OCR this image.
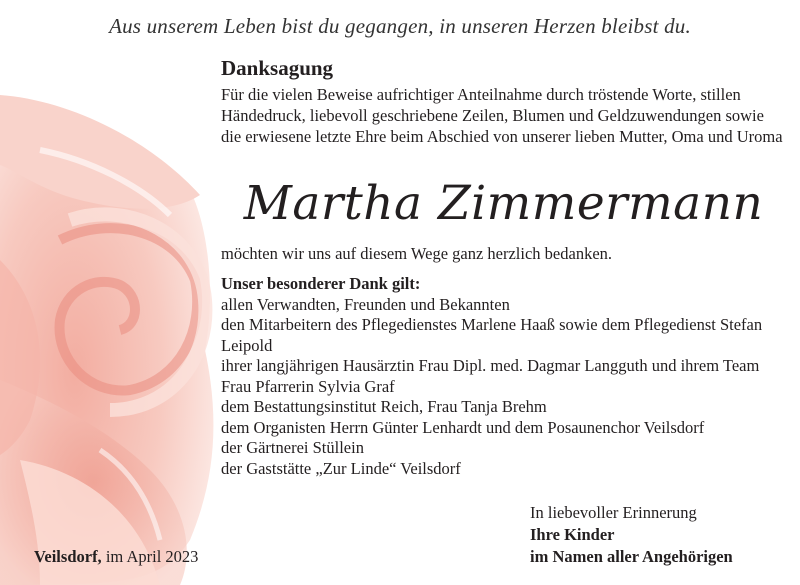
Aus unserem Leben bist du gegangen, in unseren Herzen bleibst du.
Danksagung

Für die vielen Beweise aufrichtiger Anteilnahme durch tröstende Worte, stillen Händedruck, liebevoll geschriebene Zeilen, Blumen und Geldzuwendungen sowie die erwiesene letzte Ehre beim Abschied von unserer lieben Mutter, Oma und Uroma

Martha Zimmermann
möchten wir uns auf diesem Wege ganz herzlich bedanken.
Unser besonderer Dank gilt:
allen Verwandten, Freunden und Bekannten
den Mitarbeitern des Pflegedienstes Marlene Haaß sowie dem Pflegedienst Stefan Leipold
ihrer langjährigen Hausärztin Frau Dipl. med. Dagmar Langguth und ihrem Team
Frau Pfarrerin Sylvia Graf
dem Bestattungsinstitut Reich, Frau Tanja Brehm
dem Organisten Herrn Günter Lenhardt und dem Posaunenchor Veilsdorf
der Gärtnerei Stüllein
der Gaststätte „Zur Linde“ Veilsdorf
In liebevoller Erinnerung
Ihre Kinder
im Namen aller Angehörigen
Veilsdorf, im April 2023
